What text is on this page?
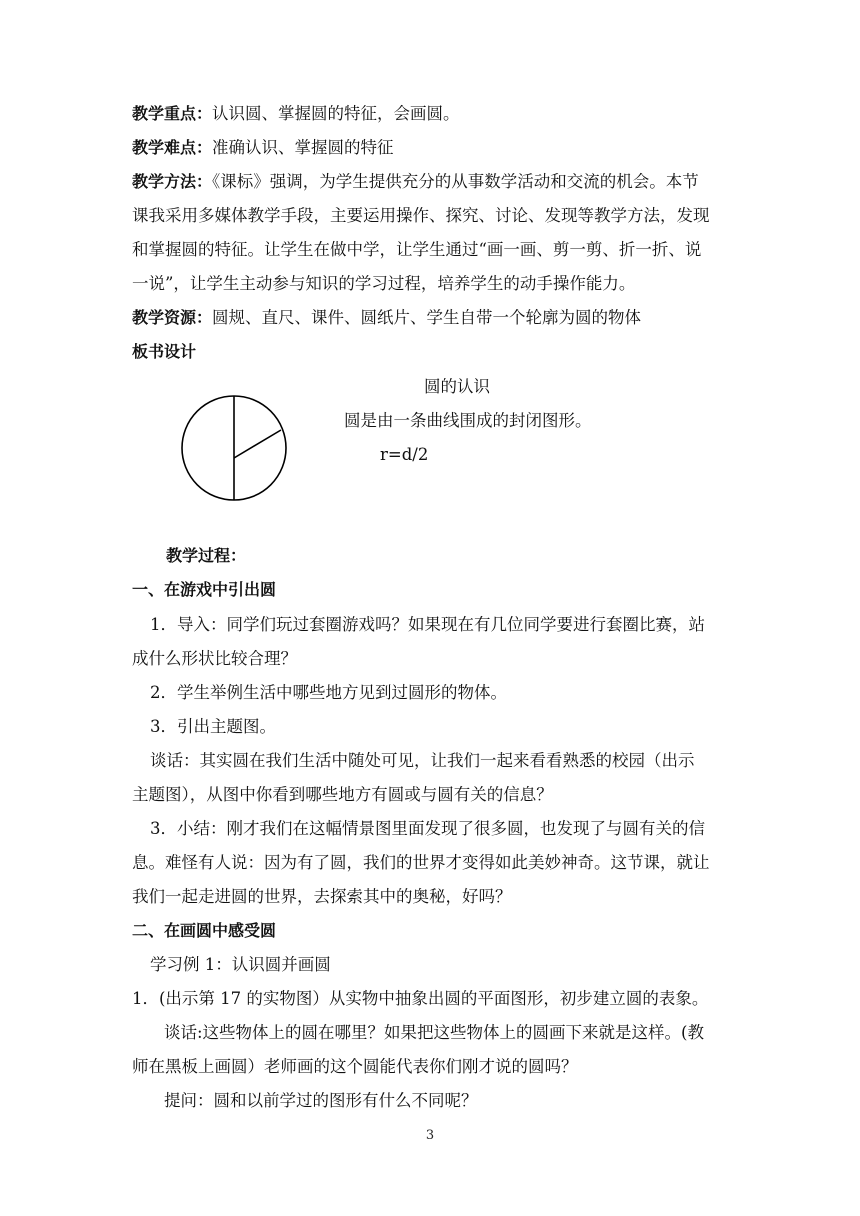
教学重点：认识圆、掌握圆的特征，会画圆。
教学难点：准确认识、掌握圆的特征
教学方法：《课标》强调，为学生提供充分的从事数学活动和交流的机会。本节
课我采用多媒体教学手段，主要运用操作、探究、讨论、发现等教学方法，发现
和掌握圆的特征。让学生在做中学，让学生通过“画一画、剪一剪、折一折、说
一说”，让学生主动参与知识的学习过程，培养学生的动手操作能力。
教学资源：圆规、直尺、课件、圆纸片、学生自带一个轮廓为圆的物体
板书设计
圆的认识
圆是由一条曲线围成的封闭图形。
r=d/2
教学过程：
一、在游戏中引出圆
1．导入：同学们玩过套圈游戏吗？如果现在有几位同学要进行套圈比赛，站
成什么形状比较合理？
2．学生举例生活中哪些地方见到过圆形的物体。
3．引出主题图。
谈话：其实圆在我们生活中随处可见，让我们一起来看看熟悉的校园（出示
主题图），从图中你看到哪些地方有圆或与圆有关的信息？
3．小结：刚才我们在这幅情景图里面发现了很多圆，也发现了与圆有关的信
息。难怪有人说：因为有了圆，我们的世界才变得如此美妙神奇。这节课，就让
我们一起走进圆的世界，去探索其中的奥秘，好吗？
二、在画圆中感受圆
学习例 1：认识圆并画圆
1．(出示第 17 的实物图）从实物中抽象出圆的平面图形，初步建立圆的表象。
谈话:这些物体上的圆在哪里？如果把这些物体上的圆画下来就是这样。(教
师在黑板上画圆）老师画的这个圆能代表你们刚才说的圆吗？
提问：圆和以前学过的图形有什么不同呢？
3
